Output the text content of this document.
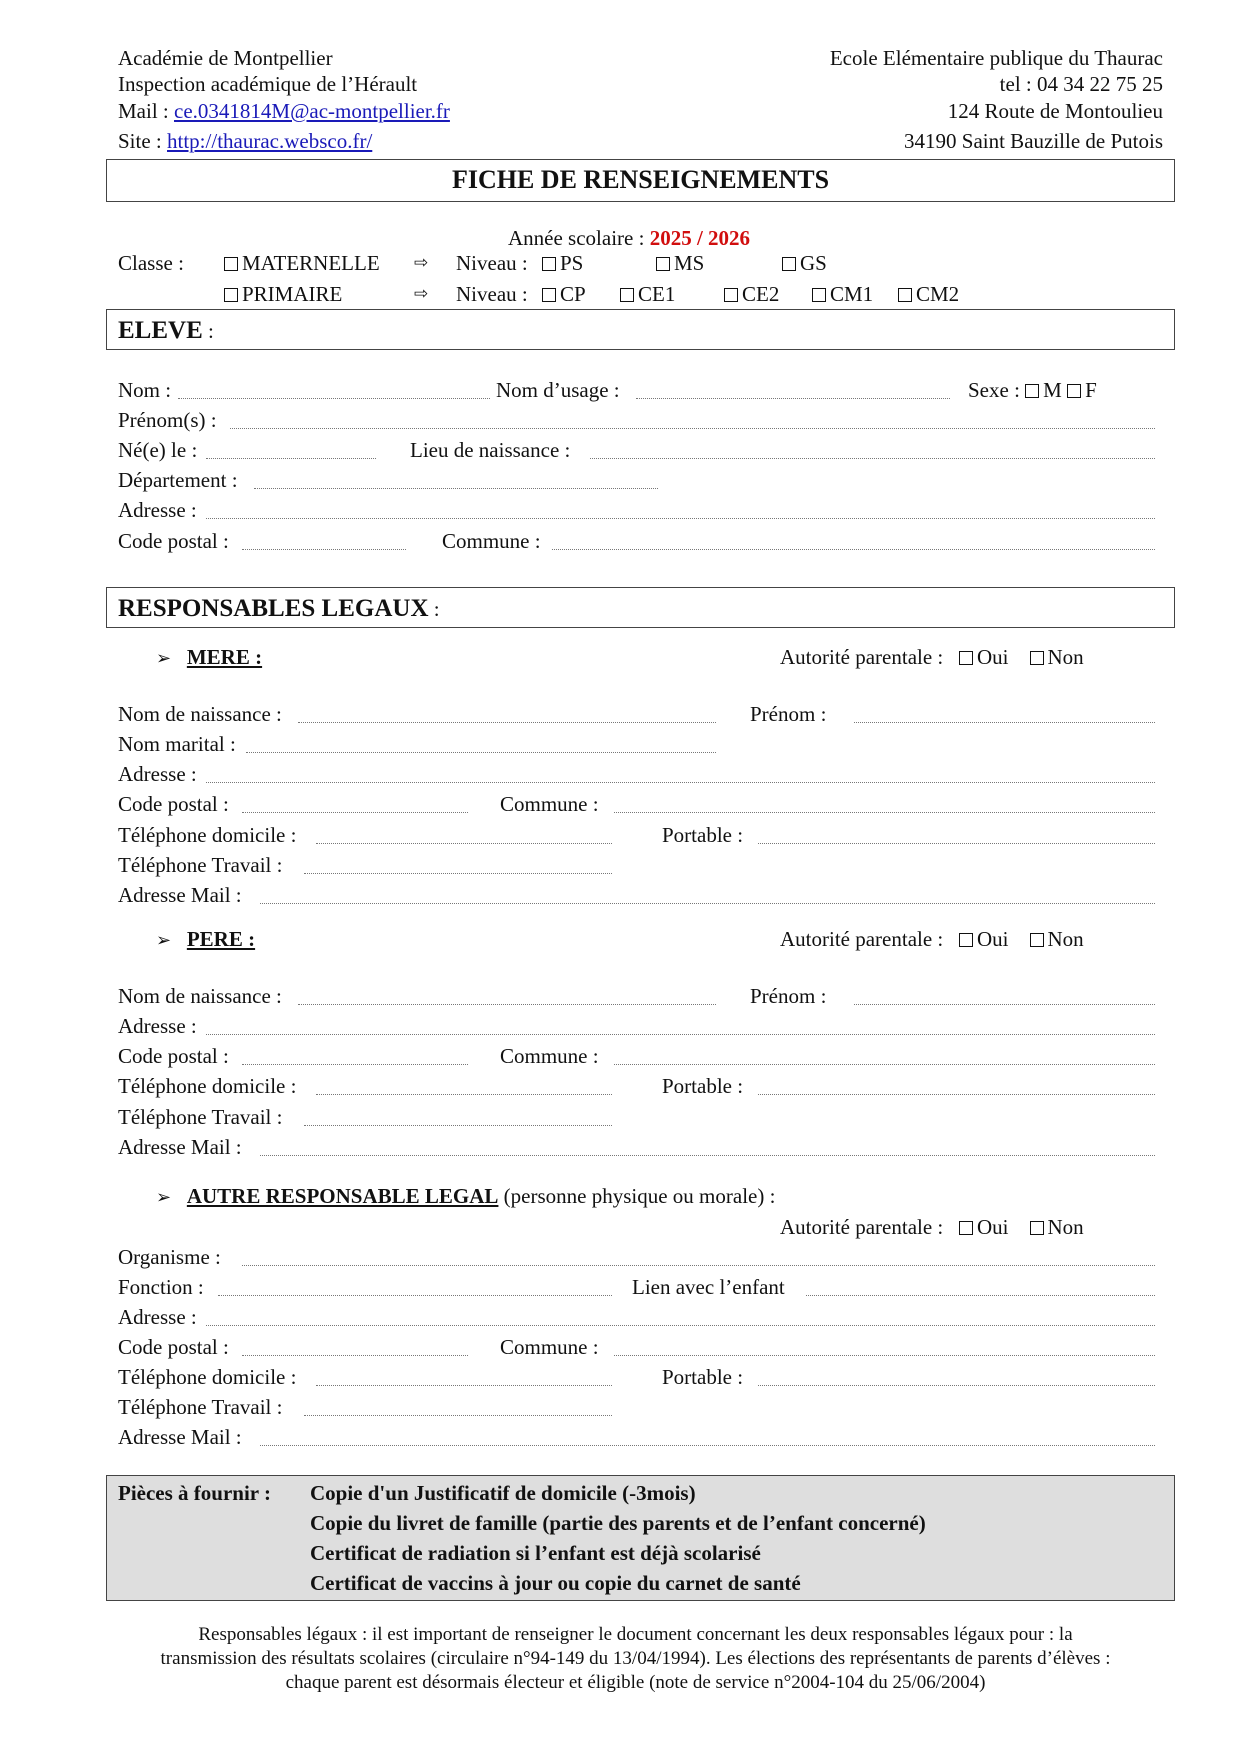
Académie de Montpellier
Inspection académique de l’Hérault
Mail : ce.0341814M@ac-montpellier.fr
Site : http://thaurac.websco.fr/
Ecole Elémentaire publique du Thaurac
tel : 04 34 22 75 25
124 Route de Montoulieu
34190 Saint Bauzille de Putois
FICHE DE RENSEIGNEMENTS
Année scolaire : 2025 / 2026
Classe :	MATERNELLE ⇨ Niveau :	PS	MS	GS
PRIMAIRE	⇨ Niveau :	CP	CE1	CE2	CM1	CM2
ELEVE :
Nom :	Nom d’usage :	Sexe : M F
Prénom(s) :
Né(e) le :	Lieu de naissance :
Département :
Adresse :
Code postal :	Commune :
RESPONSABLES LEGAUX :
➢ MERE :	Autorité parentale : Oui Non
Nom de naissance :	Prénom :
Nom marital :
Adresse :
Code postal :	Commune :
Téléphone domicile :	Portable :
Téléphone Travail :
Adresse Mail :
➢ PERE :	Autorité parentale : Oui Non
Nom de naissance :	Prénom :
Adresse :
Code postal :	Commune :
Téléphone domicile :	Portable :
Téléphone Travail :
Adresse Mail :
➢ AUTRE RESPONSABLE LEGAL (personne physique ou morale) :
Autorité parentale : Oui Non
Organisme :
Fonction :	Lien avec l’enfant
Adresse :
Code postal :	Commune :
Téléphone domicile :	Portable :
Téléphone Travail :
Adresse Mail :
Pièces à fournir : Copie d'un Justificatif de domicile (-3mois)
Copie du livret de famille (partie des parents et de l’enfant concerné)
Certificat de radiation si l’enfant est déjà scolarisé
Certificat de vaccins à jour ou copie du carnet de santé
Responsables légaux : il est important de renseigner le document concernant les deux responsables légaux pour : la
transmission des résultats scolaires (circulaire n°94-149 du 13/04/1994). Les élections des représentants de parents d’élèves :
chaque parent est désormais électeur et éligible (note de service n°2004-104 du 25/06/2004)
